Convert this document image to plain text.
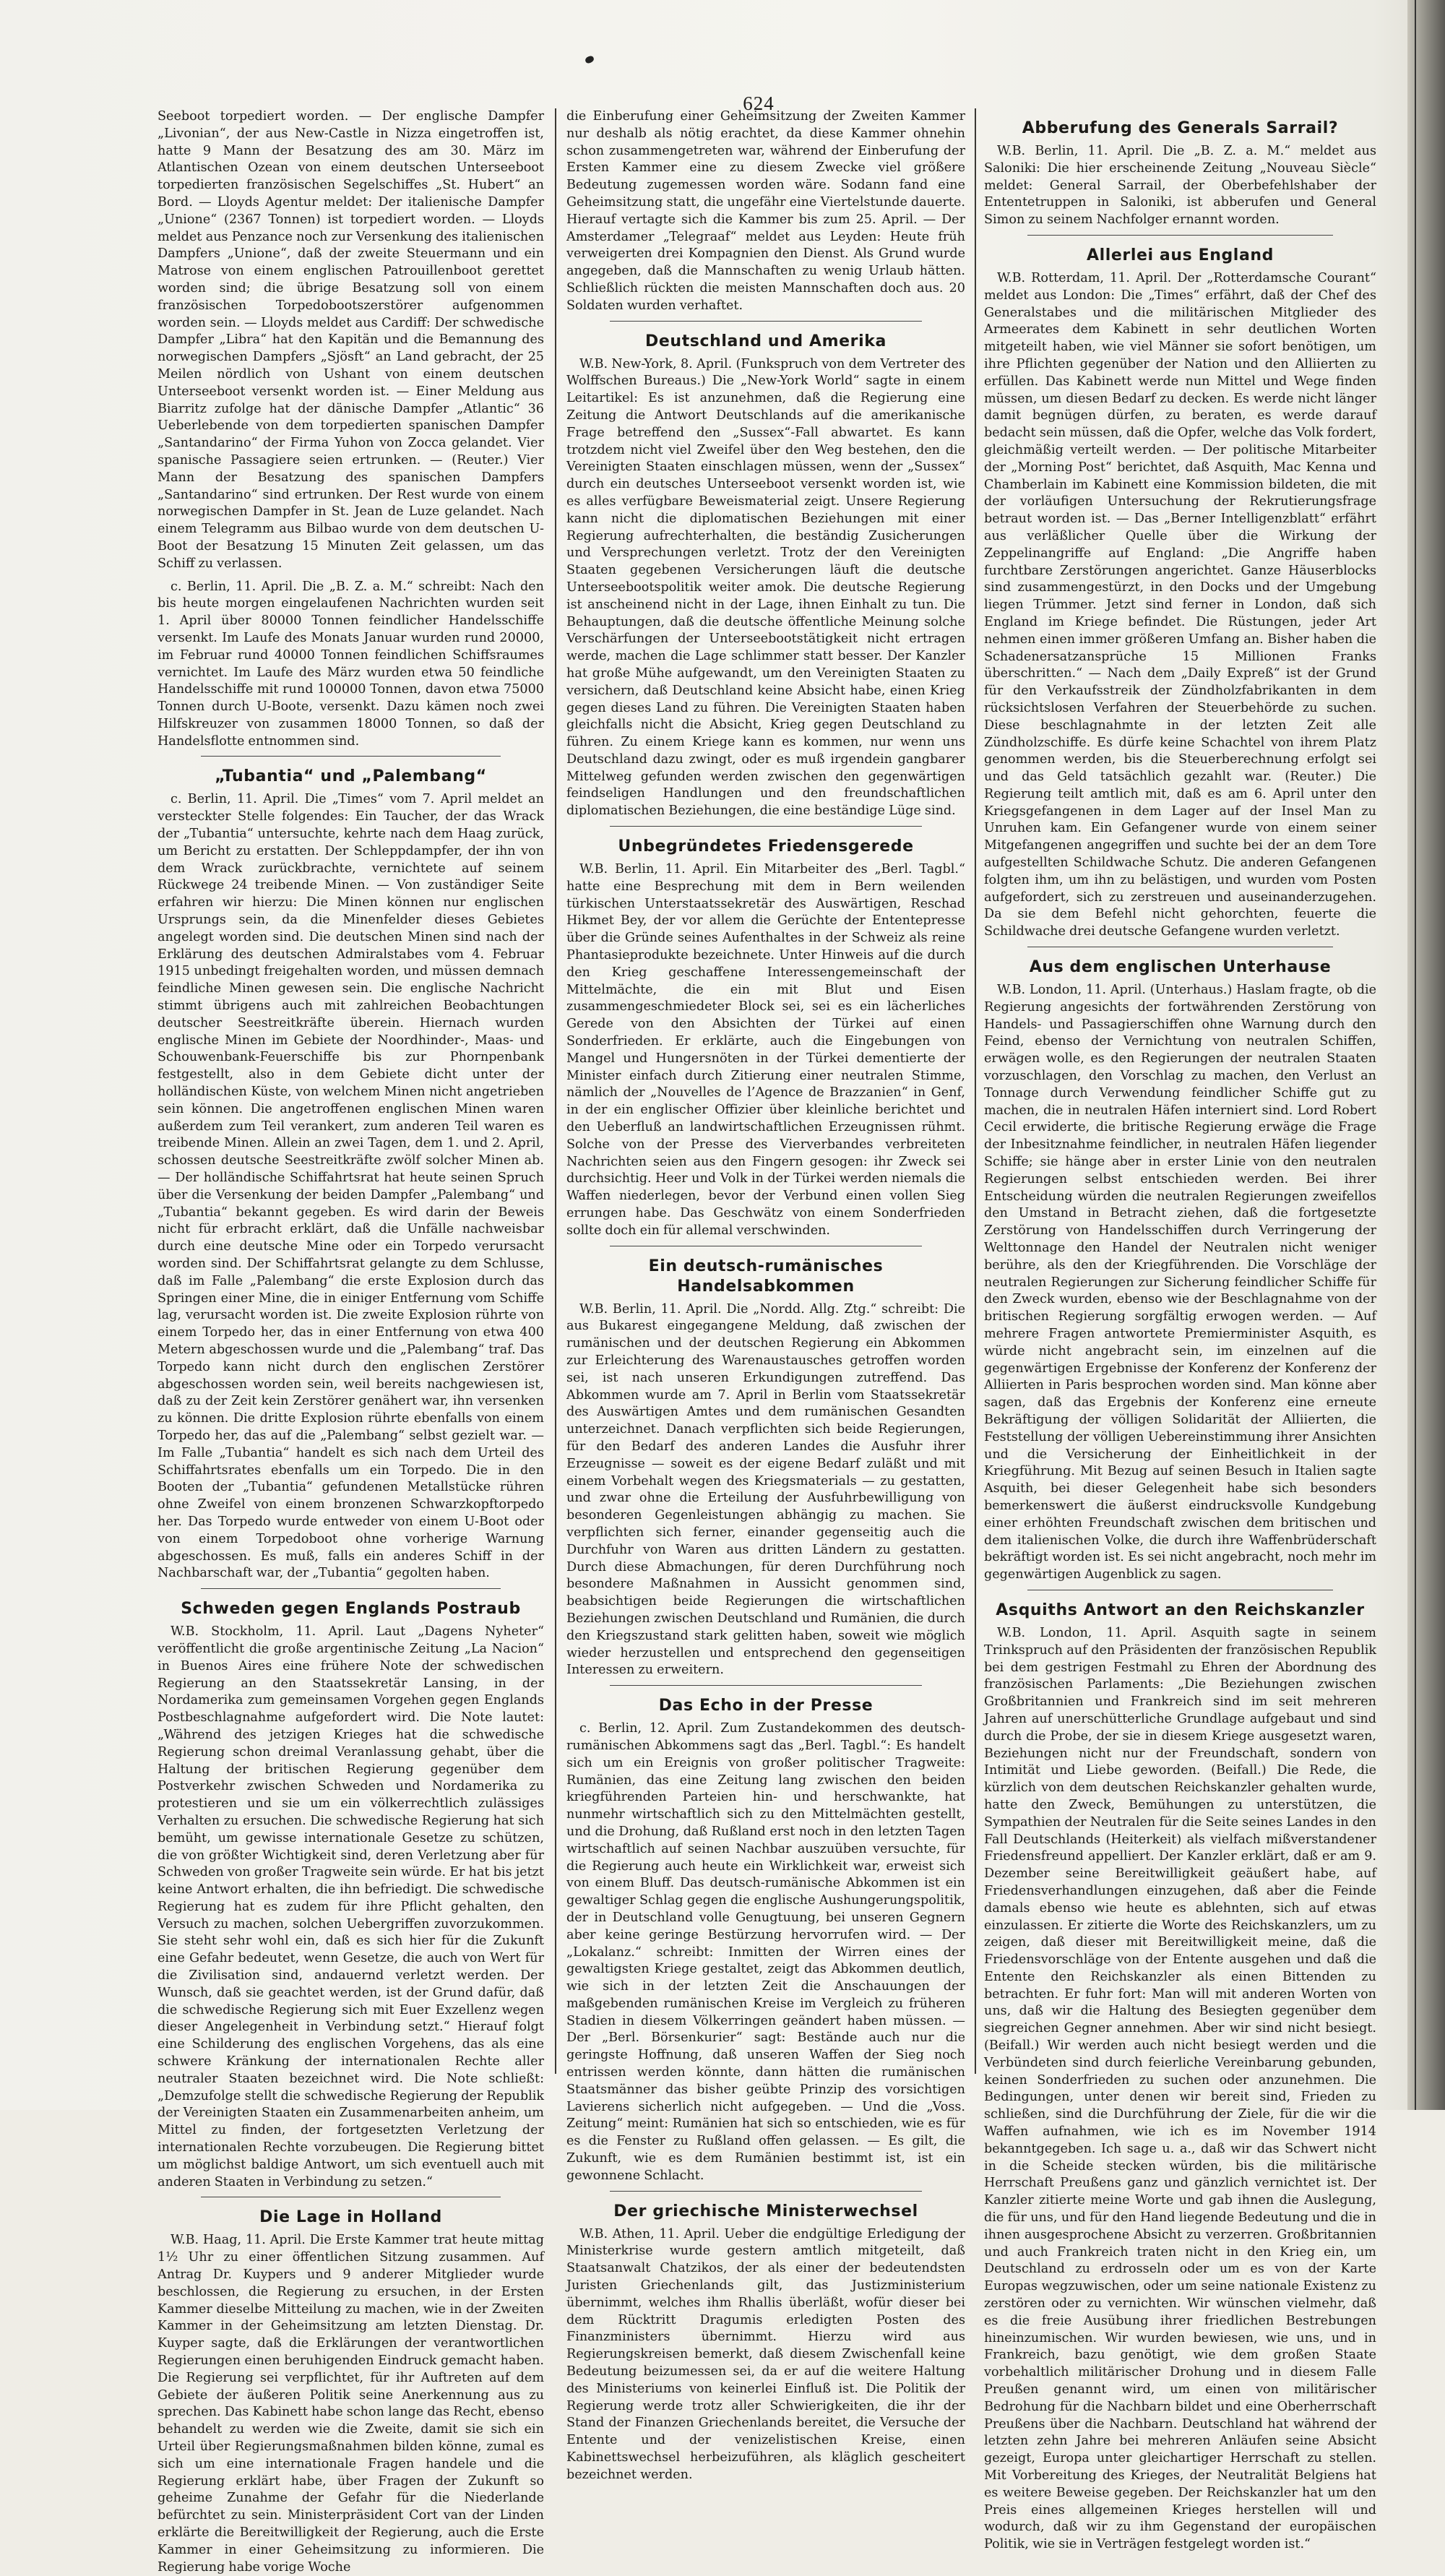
624

Seeboot torpediert worden. — Der englische Dampfer „Livonian“, der aus New-Castle in Nizza eingetroffen ist, hatte 9 Mann der Besatzung des am 30. März im Atlantischen Ozean von einem deutschen Unterseeboot torpedierten französischen Segelschiffes „St. Hubert“ an Bord. — Lloyds Agentur meldet: Der italienische Dampfer „Unione“ (2367 Tonnen) ist torpediert worden. — Lloyds meldet aus Penzance noch zur Versenkung des italienischen Dampfers „Unione“, daß der zweite Steuermann und ein Matrose von einem englischen Patrouillenboot gerettet worden sind; die übrige Besatzung soll von einem französischen Torpedobootszerstörer aufgenommen worden sein. — Lloyds meldet aus Cardiff: Der schwedische Dampfer „Libra“ hat den Kapitän und die Bemannung des norwegischen Dampfers „Sjösft“ an Land gebracht, der 25 Meilen nördlich von Ushant von einem deutschen Unterseeboot versenkt worden ist. — Einer Meldung aus Biarritz zufolge hat der dänische Dampfer „Atlantic“ 36 Ueberlebende von dem torpedierten spanischen Dampfer „Santandarino“ der Firma Yuhon von Zocca gelandet. Vier spanische Passagiere seien ertrunken. — (Reuter.) Vier Mann der Besatzung des spanischen Dampfers „Santandarino“ sind ertrunken. Der Rest wurde von einem norwegischen Dampfer in St. Jean de Luze gelandet. Nach einem Telegramm aus Bilbao wurde von dem deutschen U-Boot der Besatzung 15 Minuten Zeit gelassen, um das Schiff zu verlassen.

c. Berlin, 11. April. Die „B. Z. a. M.“ schreibt: Nach den bis heute morgen eingelaufenen Nachrichten wurden seit 1. April über 80000 Tonnen feindlicher Handelsschiffe versenkt. Im Laufe des Monats Januar wurden rund 20000, im Februar rund 40000 Tonnen feindlichen Schiffsraumes vernichtet. Im Laufe des März wurden etwa 50 feindliche Handelsschiffe mit rund 100000 Tonnen, davon etwa 75000 Tonnen durch U-Boote, versenkt. Dazu kämen noch zwei Hilfskreuzer von zusammen 18000 Tonnen, so daß der Handelsflotte entnommen sind.

„Tubantia“ und „Palembang“

c. Berlin, 11. April. Die „Times“ vom 7. April meldet an versteckter Stelle folgendes: Ein Taucher, der das Wrack der „Tubantia“ untersuchte, kehrte nach dem Haag zurück, um Bericht zu erstatten. Der Schleppdampfer, der ihn von dem Wrack zurückbrachte, vernichtete auf seinem Rückwege 24 treibende Minen. — Von zuständiger Seite erfahren wir hierzu: Die Minen können nur englischen Ursprungs sein, da die Minenfelder dieses Gebietes angelegt worden sind. Die deutschen Minen sind nach der Erklärung des deutschen Admiralstabes vom 4. Februar 1915 unbedingt freigehalten worden, und müssen demnach feindliche Minen gewesen sein. Die englische Nachricht stimmt übrigens auch mit zahlreichen Beobachtungen deutscher Seestreitkräfte überein. Hiernach wurden englische Minen im Gebiete der Noordhinder-, Maas- und Schouwenbank-Feuerschiffe bis zur Phornpenbank festgestellt, also in dem Gebiete dicht unter der holländischen Küste, von welchem Minen nicht angetrieben sein können. Die angetroffenen englischen Minen waren außerdem zum Teil verankert, zum anderen Teil waren es treibende Minen. Allein an zwei Tagen, dem 1. und 2. April, schossen deutsche Seestreitkräfte zwölf solcher Minen ab. — Der holländische Schiffahrtsrat hat heute seinen Spruch über die Versenkung der beiden Dampfer „Palembang“ und „Tubantia“ bekannt gegeben. Es wird darin der Beweis nicht für erbracht erklärt, daß die Unfälle nachweisbar durch eine deutsche Mine oder ein Torpedo verursacht worden sind. Der Schiffahrtsrat gelangte zu dem Schlusse, daß im Falle „Palembang“ die erste Explosion durch das Springen einer Mine, die in einiger Entfernung vom Schiffe lag, verursacht worden ist. Die zweite Explosion rührte von einem Torpedo her, das in einer Entfernung von etwa 400 Metern abgeschossen wurde und die „Palembang“ traf. Das Torpedo kann nicht durch den englischen Zerstörer abgeschossen worden sein, weil bereits nachgewiesen ist, daß zu der Zeit kein Zerstörer genähert war, ihn versenken zu können. Die dritte Explosion rührte ebenfalls von einem Torpedo her, das auf die „Palembang“ selbst gezielt war. — Im Falle „Tubantia“ handelt es sich nach dem Urteil des Schiffahrtsrates ebenfalls um ein Torpedo. Die in den Booten der „Tubantia“ gefundenen Metallstücke rühren ohne Zweifel von einem bronzenen Schwarzkopftorpedo her. Das Torpedo wurde entweder von einem U-Boot oder von einem Torpedoboot ohne vorherige Warnung abgeschossen. Es muß, falls ein anderes Schiff in der Nachbarschaft war, der „Tubantia“ gegolten haben.

Schweden gegen Englands Postraub

W.B. Stockholm, 11. April. Laut „Dagens Nyheter“ veröffentlicht die große argentinische Zeitung „La Nacion“ in Buenos Aires eine frühere Note der schwedischen Regierung an den Staatssekretär Lansing, in der Nordamerika zum gemeinsamen Vorgehen gegen Englands Postbeschlagnahme aufgefordert wird. Die Note lautet: „Während des jetzigen Krieges hat die schwedische Regierung schon dreimal Veranlassung gehabt, über die Haltung der britischen Regierung gegenüber dem Postverkehr zwischen Schweden und Nordamerika zu protestieren und sie um ein völkerrechtlich zulässiges Verhalten zu ersuchen. Die schwedische Regierung hat sich bemüht, um gewisse internationale Gesetze zu schützen, die von größter Wichtigkeit sind, deren Verletzung aber für Schweden von großer Tragweite sein würde. Er hat bis jetzt keine Antwort erhalten, die ihn befriedigt. Die schwedische Regierung hat es zudem für ihre Pflicht gehalten, den Versuch zu machen, solchen Uebergriffen zuvorzukommen. Sie steht sehr wohl ein, daß es sich hier für die Zukunft eine Gefahr bedeutet, wenn Gesetze, die auch von Wert für die Zivilisation sind, andauernd verletzt werden. Der Wunsch, daß sie geachtet werden, ist der Grund dafür, daß die schwedische Regierung sich mit Euer Exzellenz wegen dieser Angelegenheit in Verbindung setzt.“ Hierauf folgt eine Schilderung des englischen Vorgehens, das als eine schwere Kränkung der internationalen Rechte aller neutraler Staaten bezeichnet wird. Die Note schließt: „Demzufolge stellt die schwedische Regierung der Republik der Vereinigten Staaten ein Zusammenarbeiten anheim, um Mittel zu finden, der fortgesetzten Verletzung der internationalen Rechte vorzubeugen. Die Regierung bittet um möglichst baldige Antwort, um sich eventuell auch mit anderen Staaten in Verbindung zu setzen.“

Die Lage in Holland

W.B. Haag, 11. April. Die Erste Kammer trat heute mittag 1½ Uhr zu einer öffentlichen Sitzung zusammen. Auf Antrag Dr. Kuypers und 9 anderer Mitglieder wurde beschlossen, die Regierung zu ersuchen, in der Ersten Kammer dieselbe Mitteilung zu machen, wie in der Zweiten Kammer in der Geheimsitzung am letzten Dienstag. Dr. Kuyper sagte, daß die Erklärungen der verantwortlichen Regierungen einen beruhigenden Eindruck gemacht haben. Die Regierung sei verpflichtet, für ihr Auftreten auf dem Gebiete der äußeren Politik seine Anerkennung aus zu sprechen. Das Kabinett habe schon lange das Recht, ebenso behandelt zu werden wie die Zweite, damit sie sich ein Urteil über Regierungsmaßnahmen bilden könne, zumal es sich um eine internationale Fragen handele und die Regierung erklärt habe, über Fragen der Zukunft so geheime Zunahme der Gefahr für die Niederlande befürchtet zu sein. Ministerpräsident Cort van der Linden erklärte die Bereitwilligkeit der Regierung, auch die Erste Kammer in einer Geheimsitzung zu informieren. Die Regierung habe vorige Woche

die Einberufung einer Geheimsitzung der Zweiten Kammer nur deshalb als nötig erachtet, da diese Kammer ohnehin schon zusammengetreten war, während der Einberufung der Ersten Kammer eine zu diesem Zwecke viel größere Bedeutung zugemessen worden wäre. Sodann fand eine Geheimsitzung statt, die ungefähr eine Viertelstunde dauerte. Hierauf vertagte sich die Kammer bis zum 25. April. — Der Amsterdamer „Telegraaf“ meldet aus Leyden: Heute früh verweigerten drei Kompagnien den Dienst. Als Grund wurde angegeben, daß die Mannschaften zu wenig Urlaub hätten. Schließlich rückten die meisten Mannschaften doch aus. 20 Soldaten wurden verhaftet.

Deutschland und Amerika

W.B. New-York, 8. April. (Funkspruch von dem Vertreter des Wolffschen Bureaus.) Die „New-York World“ sagte in einem Leitartikel: Es ist anzunehmen, daß die Regierung eine Zeitung die Antwort Deutschlands auf die amerikanische Frage betreffend den „Sussex“-Fall abwartet. Es kann trotzdem nicht viel Zweifel über den Weg bestehen, den die Vereinigten Staaten einschlagen müssen, wenn der „Sussex“ durch ein deutsches Unterseeboot versenkt worden ist, wie es alles verfügbare Beweismaterial zeigt. Unsere Regierung kann nicht die diplomatischen Beziehungen mit einer Regierung aufrechterhalten, die beständig Zusicherungen und Versprechungen verletzt. Trotz der den Vereinigten Staaten gegebenen Versicherungen läuft die deutsche Unterseebootspolitik weiter amok. Die deutsche Regierung ist anscheinend nicht in der Lage, ihnen Einhalt zu tun. Die Behauptungen, daß die deutsche öffentliche Meinung solche Verschärfungen der Unterseebootstätigkeit nicht ertragen werde, machen die Lage schlimmer statt besser. Der Kanzler hat große Mühe aufgewandt, um den Vereinigten Staaten zu versichern, daß Deutschland keine Absicht habe, einen Krieg gegen dieses Land zu führen. Die Vereinigten Staaten haben gleichfalls nicht die Absicht, Krieg gegen Deutschland zu führen. Zu einem Kriege kann es kommen, nur wenn uns Deutschland dazu zwingt, oder es muß irgendein gangbarer Mittelweg gefunden werden zwischen den gegenwärtigen feindseligen Handlungen und den freundschaftlichen diplomatischen Beziehungen, die eine beständige Lüge sind.

Unbegründetes Friedensgerede

W.B. Berlin, 11. April. Ein Mitarbeiter des „Berl. Tagbl.“ hatte eine Besprechung mit dem in Bern weilenden türkischen Unterstaatssekretär des Auswärtigen, Reschad Hikmet Bey, der vor allem die Gerüchte der Ententepresse über die Gründe seines Aufenthaltes in der Schweiz als reine Phantasieprodukte bezeichnete. Unter Hinweis auf die durch den Krieg geschaffene Interessengemeinschaft der Mittelmächte, die ein mit Blut und Eisen zusammengeschmiedeter Block sei, sei es ein lächerliches Gerede von den Absichten der Türkei auf einen Sonderfrieden. Er erklärte, auch die Eingebungen von Mangel und Hungersnöten in der Türkei dementierte der Minister einfach durch Zitierung einer neutralen Stimme, nämlich der „Nouvelles de l’Agence de Brazzanien“ in Genf, in der ein englischer Offizier über kleinliche berichtet und den Ueberfluß an landwirtschaftlichen Erzeugnissen rühmt. Solche von der Presse des Vierverbandes verbreiteten Nachrichten seien aus den Fingern gesogen: ihr Zweck sei durchsichtig. Heer und Volk in der Türkei werden niemals die Waffen niederlegen, bevor der Verbund einen vollen Sieg errungen habe. Das Geschwätz von einem Sonderfrieden sollte doch ein für allemal verschwinden.

Ein deutsch-rumänisches Handelsabkommen

W.B. Berlin, 11. April. Die „Nordd. Allg. Ztg.“ schreibt: Die aus Bukarest eingegangene Meldung, daß zwischen der rumänischen und der deutschen Regierung ein Abkommen zur Erleichterung des Warenaustausches getroffen worden sei, ist nach unseren Erkundigungen zutreffend. Das Abkommen wurde am 7. April in Berlin vom Staatssekretär des Auswärtigen Amtes und dem rumänischen Gesandten unterzeichnet. Danach verpflichten sich beide Regierungen, für den Bedarf des anderen Landes die Ausfuhr ihrer Erzeugnisse — soweit es der eigene Bedarf zuläßt und mit einem Vorbehalt wegen des Kriegsmaterials — zu gestatten, und zwar ohne die Erteilung der Ausfuhrbewilligung von besonderen Gegenleistungen abhängig zu machen. Sie verpflichten sich ferner, einander gegenseitig auch die Durchfuhr von Waren aus dritten Ländern zu gestatten. Durch diese Abmachungen, für deren Durchführung noch besondere Maßnahmen in Aussicht genommen sind, beabsichtigen beide Regierungen die wirtschaftlichen Beziehungen zwischen Deutschland und Rumänien, die durch den Kriegszustand stark gelitten haben, soweit wie möglich wieder herzustellen und entsprechend den gegenseitigen Interessen zu erweitern.

Das Echo in der Presse

c. Berlin, 12. April. Zum Zustandekommen des deutsch-rumänischen Abkommens sagt das „Berl. Tagbl.“: Es handelt sich um ein Ereignis von großer politischer Tragweite: Rumänien, das eine Zeitung lang zwischen den beiden kriegführenden Parteien hin- und herschwankte, hat nunmehr wirtschaftlich sich zu den Mittelmächten gestellt, und die Drohung, daß Rußland erst noch in den letzten Tagen wirtschaftlich auf seinen Nachbar auszuüben versuchte, für die Regierung auch heute ein Wirklichkeit war, erweist sich von einem Bluff. Das deutsch-rumänische Abkommen ist ein gewaltiger Schlag gegen die englische Aushungerungspolitik, der in Deutschland volle Genugtuung, bei unseren Gegnern aber keine geringe Bestürzung hervorrufen wird. — Der „Lokalanz.“ schreibt: Inmitten der Wirren eines der gewaltigsten Kriege gestaltet, zeigt das Abkommen deutlich, wie sich in der letzten Zeit die Anschauungen der maßgebenden rumänischen Kreise im Vergleich zu früheren Stadien in diesem Völkerringen geändert haben müssen. — Der „Berl. Börsenkurier“ sagt: Bestände auch nur die geringste Hoffnung, daß unseren Waffen der Sieg noch entrissen werden könnte, dann hätten die rumänischen Staatsmänner das bisher geübte Prinzip des vorsichtigen Lavierens sicherlich nicht aufgegeben. — Und die „Voss. Zeitung“ meint: Rumänien hat sich so entschieden, wie es für es die Fenster zu Rußland offen gelassen. — Es gilt, die Zukunft, wie es dem Rumänien bestimmt ist, ist ein gewonnene Schlacht.

Der griechische Ministerwechsel

W.B. Athen, 11. April. Ueber die endgültige Erledigung der Ministerkrise wurde gestern amtlich mitgeteilt, daß Staatsanwalt Chatzikos, der als einer der bedeutendsten Juristen Griechenlands gilt, das Justizministerium übernimmt, welches ihm Rhallis überläßt, wofür dieser bei dem Rücktritt Dragumis erledigten Posten des Finanzministers übernimmt. Hierzu wird aus Regierungskreisen bemerkt, daß diesem Zwischenfall keine Bedeutung beizumessen sei, da er auf die weitere Haltung des Ministeriums von keinerlei Einfluß ist. Die Politik der Regierung werde trotz aller Schwierigkeiten, die ihr der Stand der Finanzen Griechenlands bereitet, die Versuche der Entente und der venizelistischen Kreise, einen Kabinettswechsel herbeizuführen, als kläglich gescheitert bezeichnet werden.

Abberufung des Generals Sarrail?

W.B. Berlin, 11. April. Die „B. Z. a. M.“ meldet aus Saloniki: Die hier erscheinende Zeitung „Nouveau Siècle“ meldet: General Sarrail, der Oberbefehlshaber der Ententetruppen in Saloniki, ist abberufen und General Simon zu seinem Nachfolger ernannt worden.

Allerlei aus England

W.B. Rotterdam, 11. April. Der „Rotterdamsche Courant“ meldet aus London: Die „Times“ erfährt, daß der Chef des Generalstabes und die militärischen Mitglieder des Armeerates dem Kabinett in sehr deutlichen Worten mitgeteilt haben, wie viel Männer sie sofort benötigen, um ihre Pflichten gegenüber der Nation und den Alliierten zu erfüllen. Das Kabinett werde nun Mittel und Wege finden müssen, um diesen Bedarf zu decken. Es werde nicht länger damit begnügen dürfen, zu beraten, es werde darauf bedacht sein müssen, daß die Opfer, welche das Volk fordert, gleichmäßig verteilt werden. — Der politische Mitarbeiter der „Morning Post“ berichtet, daß Asquith, Mac Kenna und Chamberlain im Kabinett eine Kommission bildeten, die mit der vorläufigen Untersuchung der Rekrutierungsfrage betraut worden ist. — Das „Berner Intelligenzblatt“ erfährt aus verläßlicher Quelle über die Wirkung der Zeppelinangriffe auf England: „Die Angriffe haben furchtbare Zerstörungen angerichtet. Ganze Häuserblocks sind zusammengestürzt, in den Docks und der Umgebung liegen Trümmer. Jetzt sind ferner in London, daß sich England im Kriege befindet. Die Rüstungen, jeder Art nehmen einen immer größeren Umfang an. Bisher haben die Schadenersatzansprüche 15 Millionen Franks überschritten.“ — Nach dem „Daily Expreß“ ist der Grund für den Verkaufsstreik der Zündholzfabrikanten in dem rücksichtslosen Verfahren der Steuerbehörde zu suchen. Diese beschlagnahmte in der letzten Zeit alle Zündholzschiffe. Es dürfe keine Schachtel von ihrem Platz genommen werden, bis die Steuerberechnung erfolgt sei und das Geld tatsächlich gezahlt war. (Reuter.) Die Regierung teilt amtlich mit, daß es am 6. April unter den Kriegsgefangenen in dem Lager auf der Insel Man zu Unruhen kam. Ein Gefangener wurde von einem seiner Mitgefangenen angegriffen und suchte bei der an dem Tore aufgestellten Schildwache Schutz. Die anderen Gefangenen folgten ihm, um ihn zu belästigen, und wurden vom Posten aufgefordert, sich zu zerstreuen und auseinanderzugehen. Da sie dem Befehl nicht gehorchten, feuerte die Schildwache drei deutsche Gefangene wurden verletzt.

Aus dem englischen Unterhause

W.B. London, 11. April. (Unterhaus.) Haslam fragte, ob die Regierung angesichts der fortwährenden Zerstörung von Handels- und Passagierschiffen ohne Warnung durch den Feind, ebenso der Vernichtung von neutralen Schiffen, erwägen wolle, es den Regierungen der neutralen Staaten vorzuschlagen, den Vorschlag zu machen, den Verlust an Tonnage durch Verwendung feindlicher Schiffe gut zu machen, die in neutralen Häfen interniert sind. Lord Robert Cecil erwiderte, die britische Regierung erwäge die Frage der Inbesitznahme feindlicher, in neutralen Häfen liegender Schiffe; sie hänge aber in erster Linie von den neutralen Regierungen selbst entschieden werden. Bei ihrer Entscheidung würden die neutralen Regierungen zweifellos den Umstand in Betracht ziehen, daß die fortgesetzte Zerstörung von Handelsschiffen durch Verringerung der Welttonnage den Handel der Neutralen nicht weniger berühre, als den der Kriegführenden. Die Vorschläge der neutralen Regierungen zur Sicherung feindlicher Schiffe für den Zweck wurden, ebenso wie der Beschlagnahme von der britischen Regierung sorgfältig erwogen werden. — Auf mehrere Fragen antwortete Premierminister Asquith, es würde nicht angebracht sein, im einzelnen auf die gegenwärtigen Ergebnisse der Konferenz der Konferenz der Alliierten in Paris besprochen worden sind. Man könne aber sagen, daß das Ergebnis der Konferenz eine erneute Bekräftigung der völligen Solidarität der Alliierten, die Feststellung der völligen Uebereinstimmung ihrer Ansichten und die Versicherung der Einheitlichkeit in der Kriegführung. Mit Bezug auf seinen Besuch in Italien sagte Asquith, bei dieser Gelegenheit habe sich besonders bemerkenswert die äußerst eindrucksvolle Kundgebung einer erhöhten Freundschaft zwischen dem britischen und dem italienischen Volke, die durch ihre Waffenbrüderschaft bekräftigt worden ist. Es sei nicht angebracht, noch mehr im gegenwärtigen Augenblick zu sagen.

Asquiths Antwort an den Reichskanzler

W.B. London, 11. April. Asquith sagte in seinem Trinkspruch auf den Präsidenten der französischen Republik bei dem gestrigen Festmahl zu Ehren der Abordnung des französischen Parlaments: „Die Beziehungen zwischen Großbritannien und Frankreich sind im seit mehreren Jahren auf unerschütterliche Grundlage aufgebaut und sind durch die Probe, der sie in diesem Kriege ausgesetzt waren, Beziehungen nicht nur der Freundschaft, sondern von Intimität und Liebe geworden. (Beifall.) Die Rede, die kürzlich von dem deutschen Reichskanzler gehalten wurde, hatte den Zweck, Bemühungen zu unterstützen, die Sympathien der Neutralen für die Seite seines Landes in den Fall Deutschlands (Heiterkeit) als vielfach mißverstandener Friedensfreund appelliert. Der Kanzler erklärt, daß er am 9. Dezember seine Bereitwilligkeit geäußert habe, auf Friedensverhandlungen einzugehen, daß aber die Feinde damals ebenso wie heute es ablehnten, sich auf etwas einzulassen. Er zitierte die Worte des Reichskanzlers, um zu zeigen, daß dieser mit Bereitwilligkeit meine, daß die Friedensvorschläge von der Entente ausgehen und daß die Entente den Reichskanzler als einen Bittenden zu betrachten. Er fuhr fort: Man will mit anderen Worten von uns, daß wir die Haltung des Besiegten gegenüber dem siegreichen Gegner annehmen. Aber wir sind nicht besiegt. (Beifall.) Wir werden auch nicht besiegt werden und die Verbündeten sind durch feierliche Vereinbarung gebunden, keinen Sonderfrieden zu suchen oder anzunehmen. Die Bedingungen, unter denen wir bereit sind, Frieden zu schließen, sind die Durchführung der Ziele, für die wir die Waffen aufnahmen, wie ich es im November 1914 bekanntgegeben. Ich sage u. a., daß wir das Schwert nicht in die Scheide stecken würden, bis die militärische Herrschaft Preußens ganz und gänzlich vernichtet ist. Der Kanzler zitierte meine Worte und gab ihnen die Auslegung, die für uns, und für den Hand liegende Bedeutung und die in ihnen ausgesprochene Absicht zu verzerren. Großbritannien und auch Frankreich traten nicht in den Krieg ein, um Deutschland zu erdrosseln oder um es von der Karte Europas wegzuwischen, oder um seine nationale Existenz zu zerstören oder zu vernichten. Wir wünschen vielmehr, daß es die freie Ausübung ihrer friedlichen Bestrebungen hineinzumischen. Wir wurden bewiesen, wie uns, und in Frankreich, bazu genötigt, wie dem großen Staate vorbehaltlich militärischer Drohung und in diesem Falle Preußen genannt wird, um einen von militärischer Bedrohung für die Nachbarn bildet und eine Oberherrschaft Preußens über die Nachbarn. Deutschland hat während der letzten zehn Jahre bei mehreren Anläufen seine Absicht gezeigt, Europa unter gleichartiger Herrschaft zu stellen. Mit Vorbereitung des Krieges, der Neutralität Belgiens hat es weitere Beweise gegeben. Der Reichskanzler hat um den Preis eines allgemeinen Krieges herstellen will und wodurch, daß wir zu ihm Gegenstand der europäischen Politik, wie sie in Verträgen festgelegt worden ist.“
